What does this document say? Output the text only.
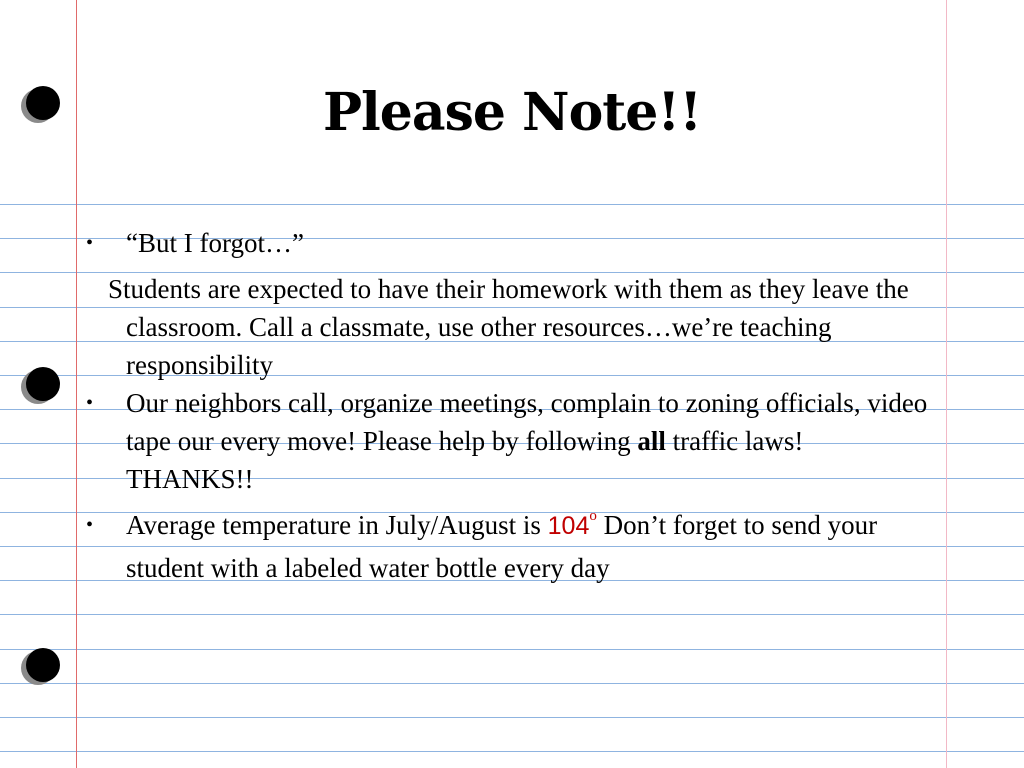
Please Note!!
• “But I forgot…”
Students are expected to have their homework with them as they leave the classroom. Call a classmate, use other resources…we’re teaching responsibility
• Our neighbors call, organize meetings, complain to zoning officials, video tape our every move! Please help by following all traffic laws! THANKS!!
• Average temperature in July/August is 104$^o$ Don’t forget to send your student with a labeled water bottle every day
